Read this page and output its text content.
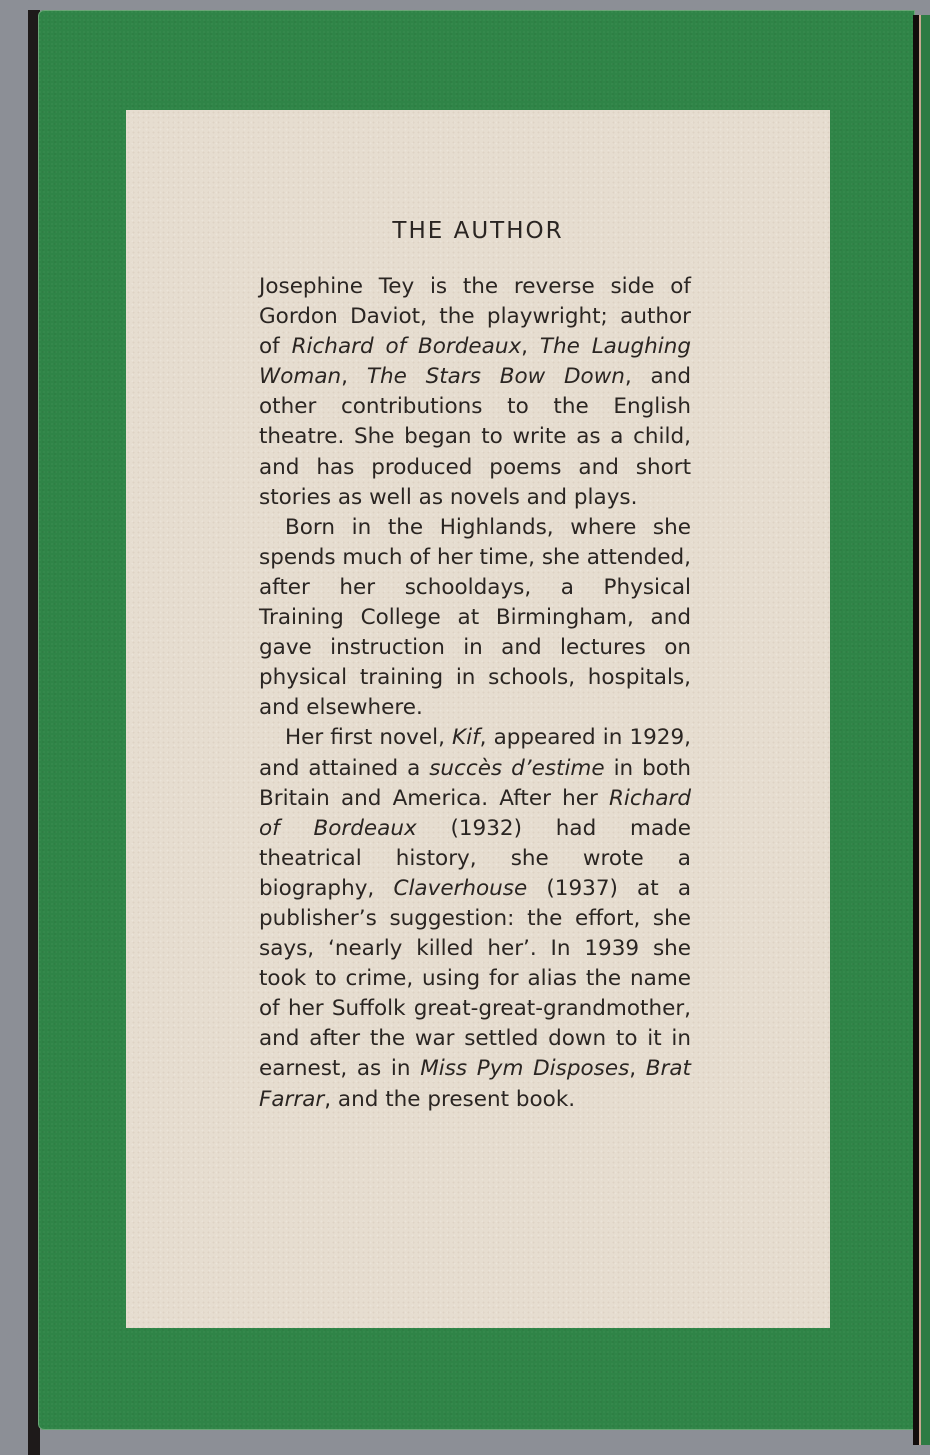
THE AUTHOR

Josephine Tey is the reverse side of Gordon Daviot, the playwright; author of Richard of Bordeaux, The Laughing Woman, The Stars Bow Down, and other contributions to the English theatre. She began to write as a child, and has produced poems and short stories as well as novels and plays.

Born in the Highlands, where she spends much of her time, she attended, after her schooldays, a Physical Training College at Birmingham, and gave instruction in and lectures on physical training in schools, hospitals, and elsewhere.

Her first novel, Kif, appeared in 1929, and attained a succès d’estime in both Britain and America. After her Richard of Bordeaux (1932) had made theatrical history, she wrote a biography, Claverhouse (1937) at a publisher’s suggestion: the effort, she says, ‘nearly killed her’. In 1939 she took to crime, using for alias the name of her Suffolk great-great-grandmother, and after the war settled down to it in earnest, as in Miss Pym Disposes, Brat Farrar, and the present book.
